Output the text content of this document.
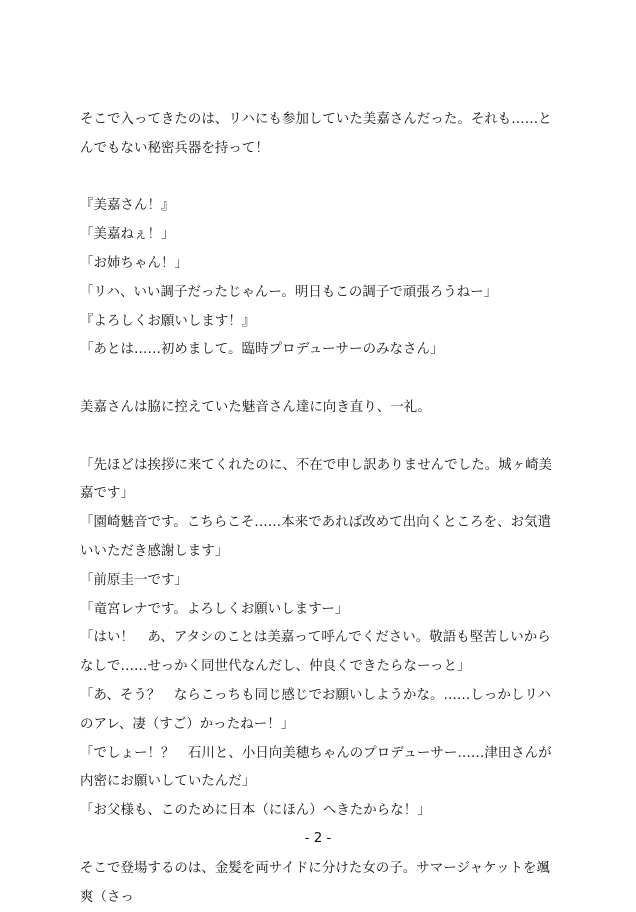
そこで入ってきたのは、リハにも参加していた美嘉さんだった。それも……とんでもない秘密兵器を持って！

『美嘉さん！』

「美嘉ねぇ！」

「お姉ちゃん！」

「リハ、いい調子だったじゃんー。明日もこの調子で頑張ろうねー」

『よろしくお願いします！』

「あとは……初めまして。臨時プロデューサーのみなさん」

美嘉さんは脇に控えていた魅音さん達に向き直り、一礼。

「先ほどは挨拶に来てくれたのに、不在で申し訳ありませんでした。城ヶ崎美嘉です」

「園崎魅音です。こちらこそ……本来であれば改めて出向くところを、お気遣いいただき感謝します」

「前原圭一です」

「竜宮レナです。よろしくお願いしますー」

「はい！　あ、アタシのことは美嘉って呼んでください。敬語も堅苦しいからなしで……せっかく同世代なんだし、仲良くできたらなーっと」

「あ、そう？　ならこっちも同じ感じでお願いしようかな。……しっかしリハのアレ、凄（すご）かったねー！」

「でしょー！？　石川と、小日向美穂ちゃんのプロデューサー……津田さんが内密にお願いしていたんだ」

「お父様も、このために日本（にほん）へきたからな！」

そこで登場するのは、金髪を両サイドに分けた女の子。サマージャケットを颯爽（さっ

- 2 -
